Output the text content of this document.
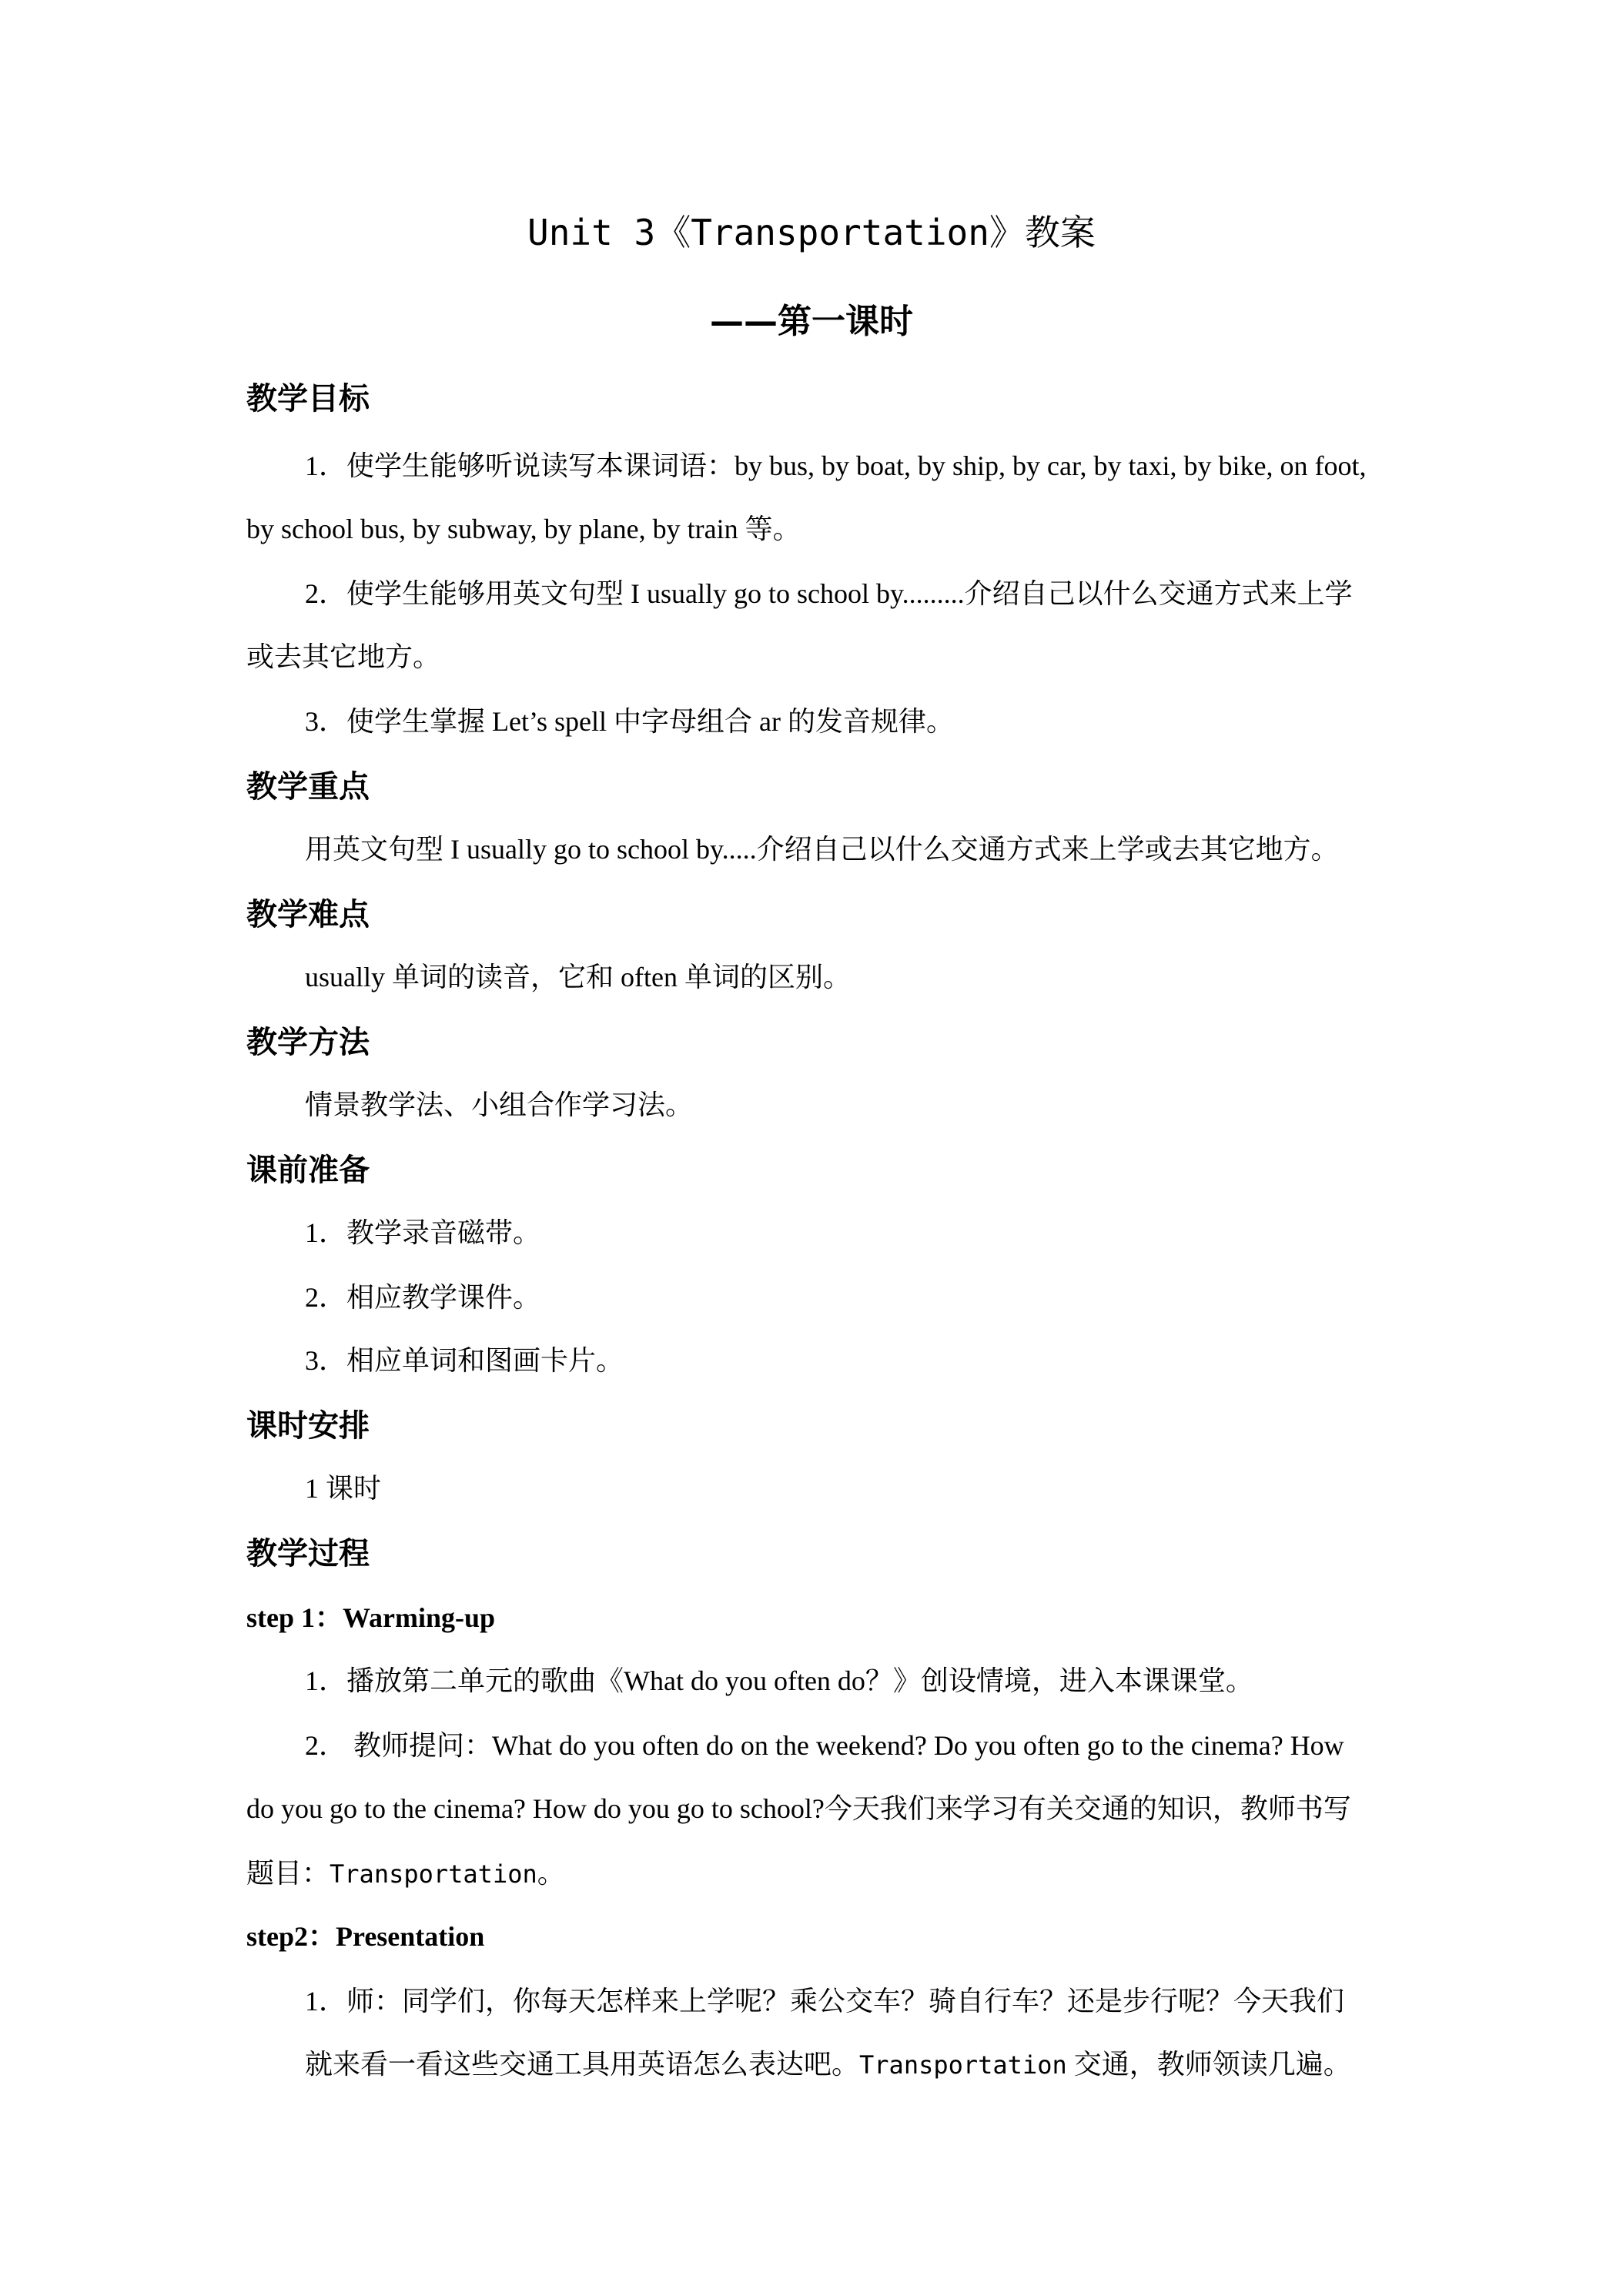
Unit 3《Transportation》教案
——第一课时
教学目标
1．使学生能够听说读写本课词语：by bus, by boat, by ship, by car, by taxi, by bike, on foot,
by school bus, by subway, by plane, by train 等。
2．使学生能够用英文句型 I usually go to school by.........介绍自己以什么交通方式来上学
或去其它地方。
3．使学生掌握 Let’s spell 中字母组合 ar 的发音规律。
教学重点
用英文句型 I usually go to school by.....介绍自己以什么交通方式来上学或去其它地方。
教学难点
usually 单词的读音，它和 often 单词的区别。
教学方法
情景教学法、小组合作学习法。
课前准备
1．教学录音磁带。
2．相应教学课件。
3．相应单词和图画卡片。
课时安排
1 课时
教学过程
step 1：Warming-up
1．播放第二单元的歌曲《What do you often do？》创设情境，进入本课课堂。
2． 教师提问：What do you often do on the weekend? Do you often go to the cinema? How
do you go to the cinema? How do you go to school?今天我们来学习有关交通的知识，教师书写
题目：Transportation。
step2：Presentation
1．师：同学们，你每天怎样来上学呢？乘公交车？骑自行车？还是步行呢？今天我们
就来看一看这些交通工具用英语怎么表达吧。Transportation 交通，教师领读几遍。
